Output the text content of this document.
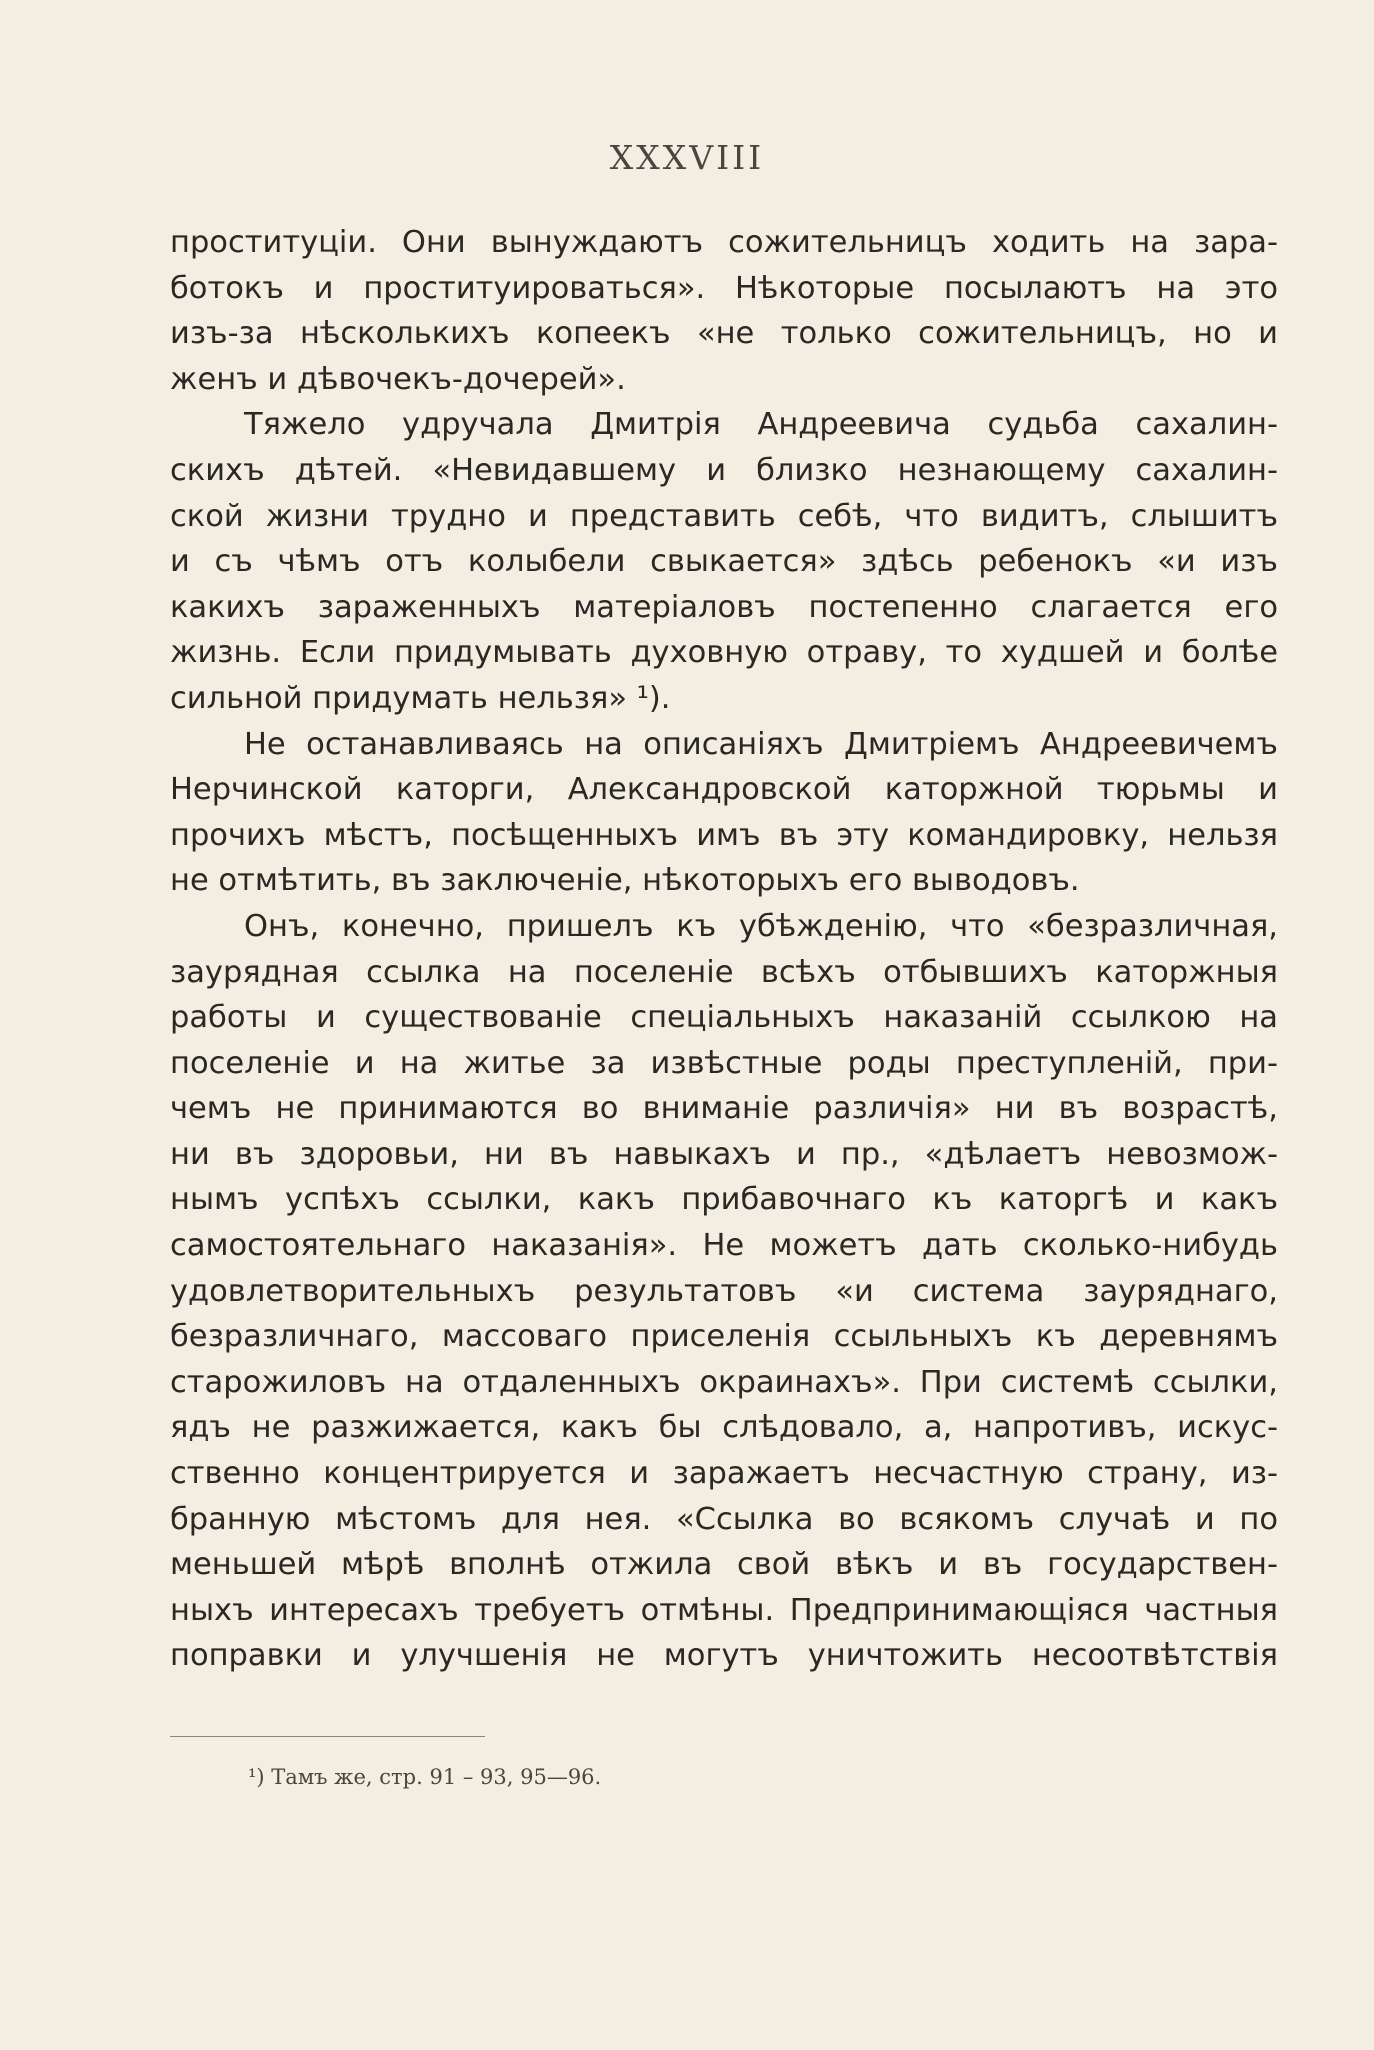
XXXVIII
проституціи. Они вынуждаютъ сожительницъ ходить на зара-
ботокъ и проституироваться». Нѣкоторые посылаютъ на это
изъ-за нѣсколькихъ копеекъ «не только сожительницъ, но и
женъ и дѣвочекъ-дочерей».
Тяжело удручала Дмитрія Андреевича судьба сахалин-
скихъ дѣтей. «Невидавшему и близко незнающему сахалин-
ской жизни трудно и представить себѣ, что видитъ, слышитъ
и съ чѣмъ отъ колыбели свыкается» здѣсь ребенокъ «и изъ
какихъ зараженныхъ матеріаловъ постепенно слагается его
жизнь. Если придумывать духовную отраву, то худшей и болѣе
сильной придумать нельзя» ¹).
Не останавливаясь на описаніяхъ Дмитріемъ Андреевичемъ
Нерчинской каторги, Александровской каторжной тюрьмы и
прочихъ мѣстъ, посѣщенныхъ имъ въ эту командировку, нельзя
не отмѣтить, въ заключеніе, нѣкоторыхъ его выводовъ.
Онъ, конечно, пришелъ къ убѣжденію, что «безразличная,
заурядная ссылка на поселеніе всѣхъ отбывшихъ каторжныя
работы и существованіе спеціальныхъ наказаній ссылкою на
поселеніе и на житье за извѣстные роды преступленій, при-
чемъ не принимаются во вниманіе различія» ни въ возрастѣ,
ни въ здоровьи, ни въ навыкахъ и пр., «дѣлаетъ невозмож-
нымъ успѣхъ ссылки, какъ прибавочнаго къ каторгѣ и какъ
самостоятельнаго наказанія». Не можетъ дать сколько-нибудь
удовлетворительныхъ результатовъ «и система зауряднаго,
безразличнаго, массоваго приселенія ссыльныхъ къ деревнямъ
старожиловъ на отдаленныхъ окраинахъ». При системѣ ссылки,
ядъ не разжижается, какъ бы слѣдовало, а, напротивъ, искус-
ственно концентрируется и заражаетъ несчастную страну, из-
бранную мѣстомъ для нея. «Ссылка во всякомъ случаѣ и по
меньшей мѣрѣ вполнѣ отжила свой вѣкъ и въ государствен-
ныхъ интересахъ требуетъ отмѣны. Предпринимающіяся частныя
поправки и улучшенія не могутъ уничтожить несоотвѣтствія
¹) Тамъ же, стр. 91 – 93, 95—96.
